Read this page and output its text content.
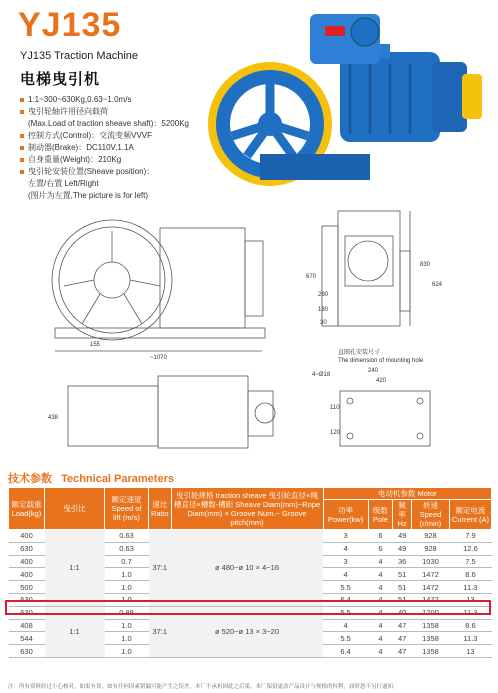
YJ135
YJ135 Traction Machine
电梯曳引机
1:1~300~630Kg,0.63~1.0m/s
曳引轮轴许用径向载荷
(Max.Load of traction sheave shaft)：5200Kg
控制方式(Control)：交流变频VVVF
制动器(Brake)：DC110V,1.1A
自身重量(Weight)：210Kg
曳引轮安装位置(Sheave position)：
左置/右置 Left/Right
(图片为左置,The picture is for left)
155
~1070
438
670
260
180
30
830
624
4~Ø18
240
420
110
120
直圈孔安装尺寸
The dimension of mounting hole
技术参数 Technical Parameters
额定载重 Load(kg)	曳引比	额定速度 Speed of lift (m/s)	速比 Ratio	曳引轮规格 traction sheave 曳引轮直径×绳槽直径×槽数-槽距 Sheave Diam(mm)~Rope Diam(mm) × Groove Num.~ Groove pitch(mm)	电动机参数 Motor				
					功率 Power(kw)	级数 Pole	频率 Hz	转速 Speed (r/min)	额定电流 Current (A)
400	1:1	0.63	37:1	ø 480~ø 10 × 4~16	3	6	49	928	7.9
630		0.63			4	6	49	928	12.6
400		0.7			3	4	36	1030	7.5
400		1.0			4	4	51	1472	8.6
500		1.0			5.5	4	51	1472	11.3
630		1.0			6.4	4	51	1472	13
630	1:1	0.88	37:1	ø 520~ø 13 × 3~20	5.5	4	40	1200	11.3
408		1.0			4	4	47	1358	8.6
544		1.0			5.5	4	47	1358	11.3
630		1.0			6.4	4	47	1358	13
注：所有资料经过小心核对，如果有误，如有任何因素错漏可能产生之误差，本厂不承担因此之后果。本厂保留更改产品设计与规格的权利，届时恕不另行通知。
